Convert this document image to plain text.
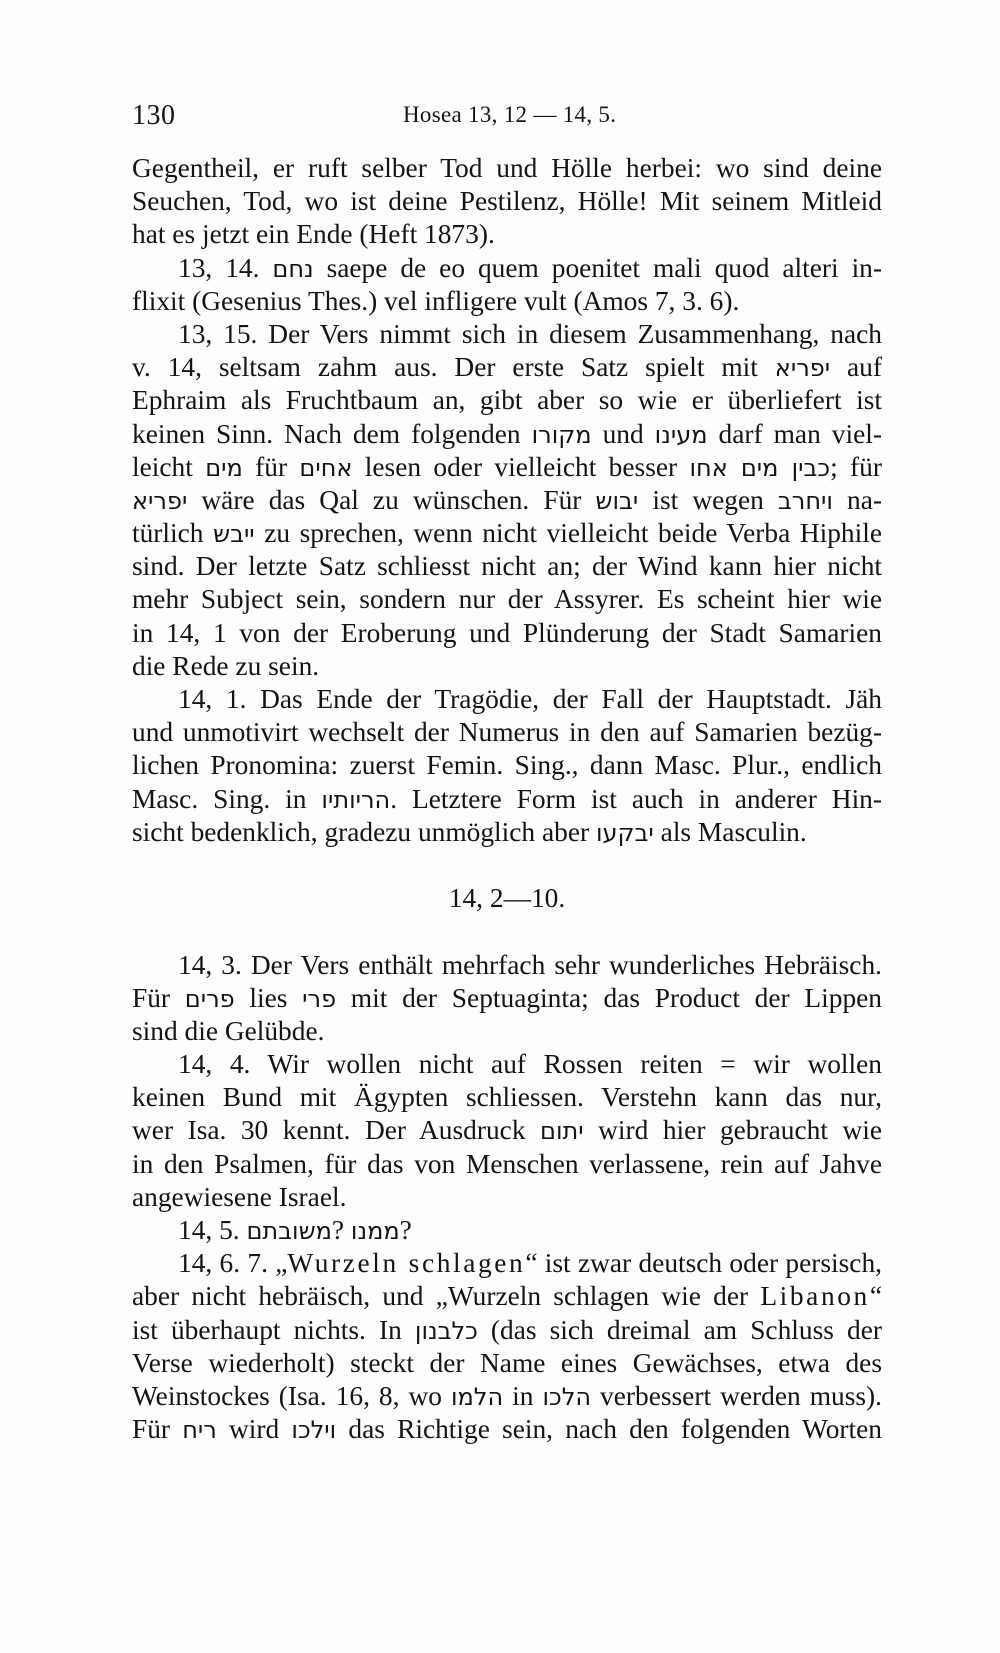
130	Hosea 13, 12 — 14, 5.
Gegentheil, er ruft selber Tod und Hölle herbei: wo sind deine
Seuchen, Tod, wo ist deine Pestilenz, Hölle! Mit seinem Mitleid
hat es jetzt ein Ende (Heft 1873).
13, 14. נחם saepe de eo quem poenitet mali quod alteri in-
flixit (Gesenius Thes.) vel infligere vult (Amos 7, 3. 6).
13, 15. Der Vers nimmt sich in diesem Zusammenhang, nach
v. 14, seltsam zahm aus. Der erste Satz spielt mit יפריא auf
Ephraim als Fruchtbaum an, gibt aber so wie er überliefert ist
keinen Sinn. Nach dem folgenden מקורו und מעינו darf man viel-
leicht מים für אחים lesen oder vielleicht besser כבין מים אחו; für
יפריא wäre das Qal zu wünschen. Für יבוש ist wegen ויחרב na-
türlich ייבש zu sprechen, wenn nicht vielleicht beide Verba Hiphile
sind. Der letzte Satz schliesst nicht an; der Wind kann hier nicht
mehr Subject sein, sondern nur der Assyrer. Es scheint hier wie
in 14, 1 von der Eroberung und Plünderung der Stadt Samarien
die Rede zu sein.
14, 1. Das Ende der Tragödie, der Fall der Hauptstadt. Jäh
und unmotivirt wechselt der Numerus in den auf Samarien bezüg-
lichen Pronomina: zuerst Femin. Sing., dann Masc. Plur., endlich
Masc. Sing. in הריותיו. Letztere Form ist auch in anderer Hin-
sicht bedenklich, gradezu unmöglich aber יבקעו als Masculin.
14, 2—10.
14, 3. Der Vers enthält mehrfach sehr wunderliches Hebräisch.
Für פרים lies פרי mit der Septuaginta; das Product der Lippen
sind die Gelübde.
14, 4. Wir wollen nicht auf Rossen reiten = wir wollen
keinen Bund mit Ägypten schliessen. Verstehn kann das nur,
wer Isa. 30 kennt. Der Ausdruck יתום wird hier gebraucht wie
in den Psalmen, für das von Menschen verlassene, rein auf Jahve
angewiesene Israel.
14, 5. משובתם? ממנו?
14, 6. 7. „Wurzeln schlagen“ ist zwar deutsch oder persisch,
aber nicht hebräisch, und „Wurzeln schlagen wie der Libanon“
ist überhaupt nichts. In כלבנון (das sich dreimal am Schluss der
Verse wiederholt) steckt der Name eines Gewächses, etwa des
Weinstockes (Isa. 16, 8, wo הלמו in הלכו verbessert werden muss).
Für ריח wird וילכו das Richtige sein, nach den folgenden Worten
